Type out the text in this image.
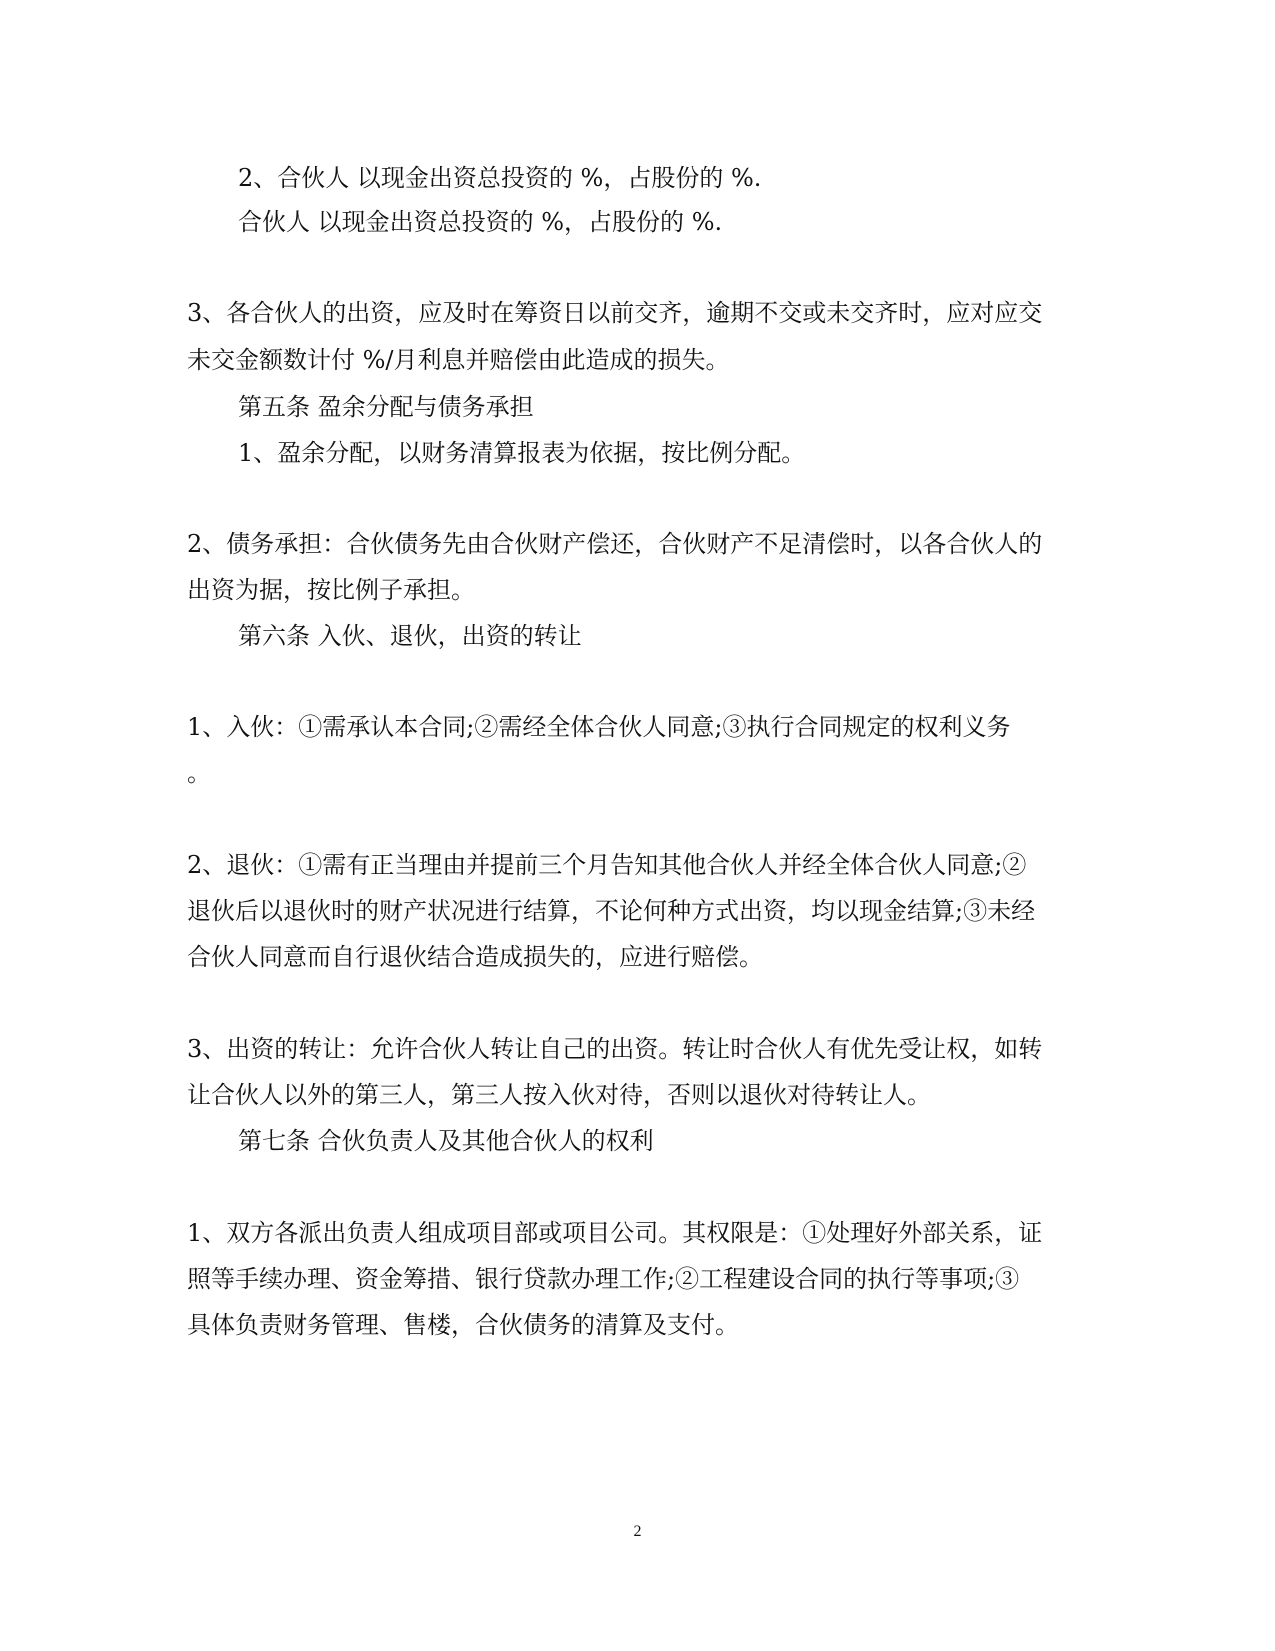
2、合伙人 以现金出资总投资的 %，占股份的 %.
合伙人 以现金出资总投资的 %，占股份的 %.
3、各合伙人的出资，应及时在筹资日以前交齐，逾期不交或未交齐时，应对应交
未交金额数计付 %/月利息并赔偿由此造成的损失。
第五条 盈余分配与债务承担
1、盈余分配，以财务清算报表为依据，按比例分配。
2、债务承担：合伙债务先由合伙财产偿还，合伙财产不足清偿时，以各合伙人的
出资为据，按比例子承担。
第六条 入伙、退伙，出资的转让
1、入伙：①需承认本合同;②需经全体合伙人同意;③执行合同规定的权利义务
。
2、退伙：①需有正当理由并提前三个月告知其他合伙人并经全体合伙人同意;②
退伙后以退伙时的财产状况进行结算，不论何种方式出资，均以现金结算;③未经
合伙人同意而自行退伙结合造成损失的，应进行赔偿。
3、出资的转让：允许合伙人转让自己的出资。转让时合伙人有优先受让权，如转
让合伙人以外的第三人，第三人按入伙对待，否则以退伙对待转让人。
第七条 合伙负责人及其他合伙人的权利
1、双方各派出负责人组成项目部或项目公司。其权限是：①处理好外部关系，证
照等手续办理、资金筹措、银行贷款办理工作;②工程建设合同的执行等事项;③
具体负责财务管理、售楼，合伙债务的清算及支付。
2
